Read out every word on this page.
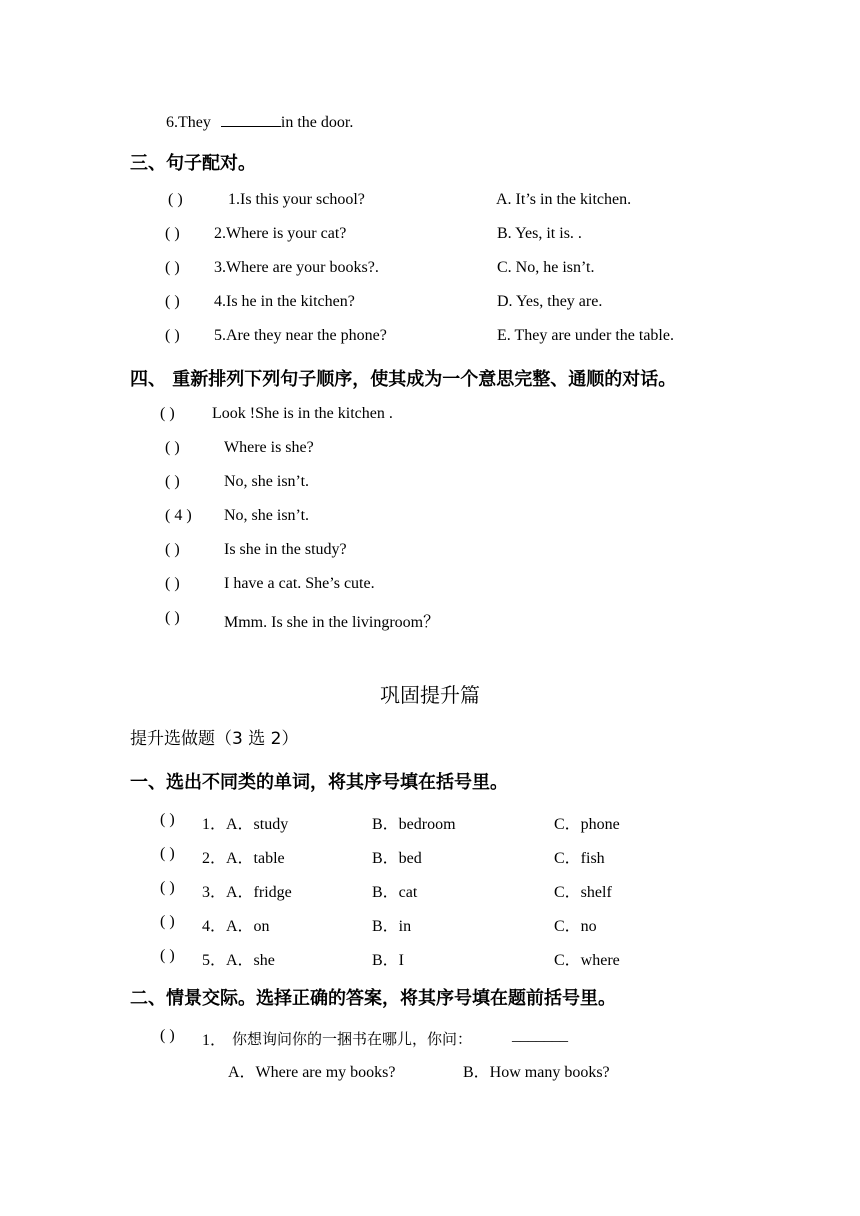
6.They	in the door.
三、句子配对。
( )	1.Is this your school?	A. It’s in the kitchen.
( ) 2.Where is your cat?	B. Yes, it is. .
( ) 3.Where are your books?.	C. No, he isn’t.
( ) 4.Is he in the kitchen?	D. Yes, they are.
( ) 5.Are they near the phone?	E. They are under the table.
四、 重新排列下列句子顺序，使其成为一个意思完整、通顺的对话。
( ) Look !She is in the kitchen .
( )	Where is she?
( )	No, she isn’t.
( 4 ) No, she isn’t.
( )	Is she in the study?
( )	I have a cat. She’s cute.
( )	Mmm. Is she in the livingroom？
巩固提升篇
提升选做题（3 选 2）
一、选出不同类的单词，将其序号填在括号里。
( ) 1．A．study	B．bedroom	C．phone
( ) 2．A．table	B．bed	C．fish
( ) 3．A．fridge	B．cat	C．shelf
( ) 4．A．on	B．in	C．no
( ) 5．A．she	B．I	C．where
二、情景交际。选择正确的答案，将其序号填在题前括号里。
( ) 1． 你想询问你的一捆书在哪儿，你问： _______
A．Where are my books?	B．How many books?
